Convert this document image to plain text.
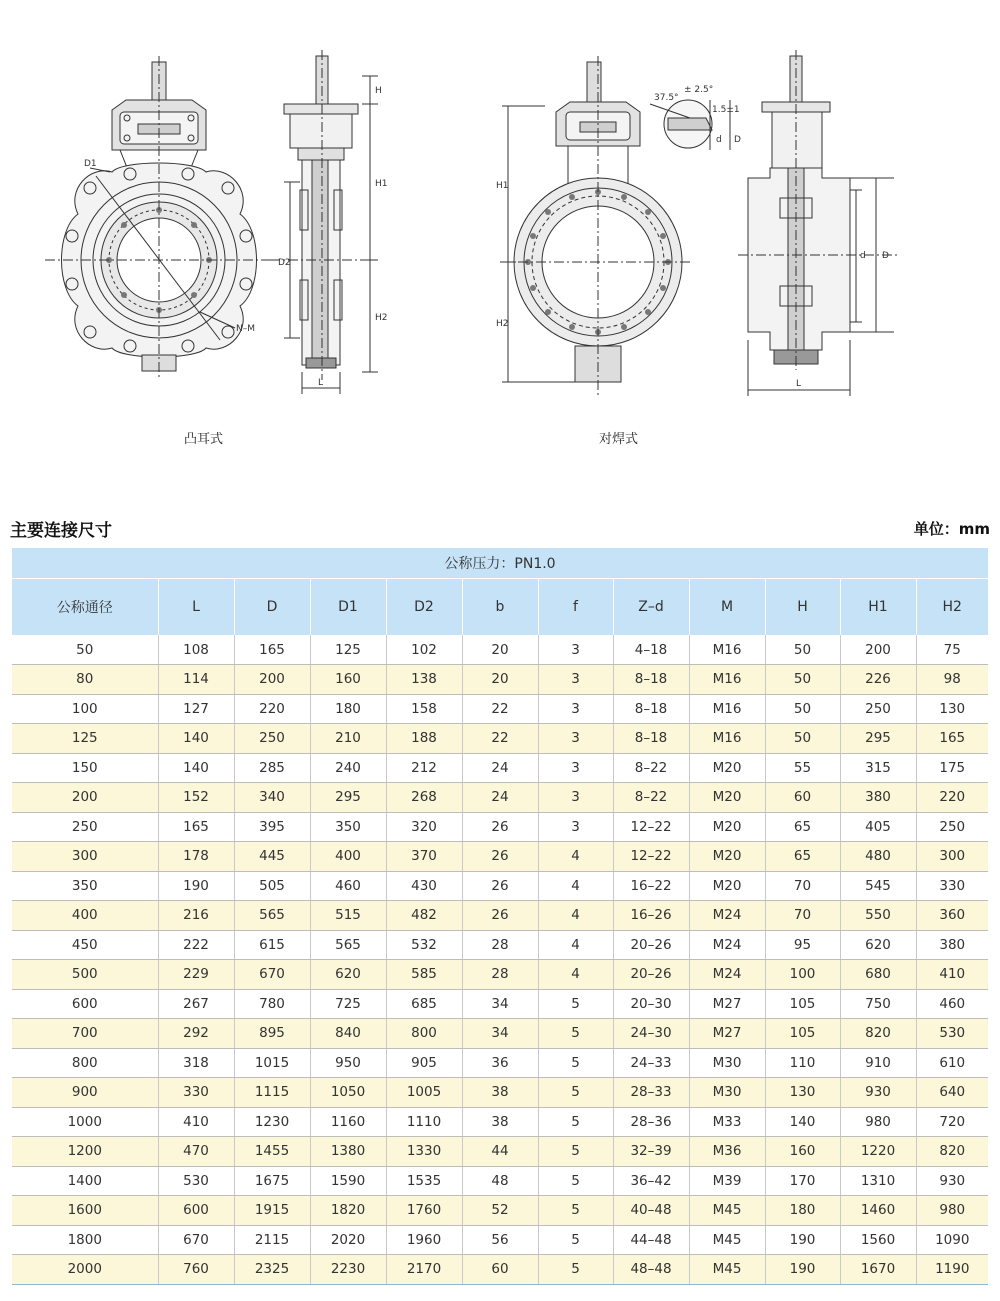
D1
N–M
H
H1
H2
D2
L
H1
H2
37.5°
± 2.5°
1.5±1
d D
d D
L
凸耳式	对焊式
主要连接尺寸	单位：mm
公称压力：PN1.0											
公称通径	L	D	D1	D2	b	f	Z–d	M	H	H1	H2
50	108	165	125	102	20	3	4–18	M16	50	200	75
80	114	200	160	138	20	3	8–18	M16	50	226	98
100	127	220	180	158	22	3	8–18	M16	50	250	130
125	140	250	210	188	22	3	8–18	M16	50	295	165
150	140	285	240	212	24	3	8–22	M20	55	315	175
200	152	340	295	268	24	3	8–22	M20	60	380	220
250	165	395	350	320	26	3	12–22	M20	65	405	250
300	178	445	400	370	26	4	12–22	M20	65	480	300
350	190	505	460	430	26	4	16–22	M20	70	545	330
400	216	565	515	482	26	4	16–26	M24	70	550	360
450	222	615	565	532	28	4	20–26	M24	95	620	380
500	229	670	620	585	28	4	20–26	M24	100	680	410
600	267	780	725	685	34	5	20–30	M27	105	750	460
700	292	895	840	800	34	5	24–30	M27	105	820	530
800	318	1015	950	905	36	5	24–33	M30	110	910	610
900	330	1115	1050	1005	38	5	28–33	M30	130	930	640
1000	410	1230	1160	1110	38	5	28–36	M33	140	980	720
1200	470	1455	1380	1330	44	5	32–39	M36	160	1220	820
1400	530	1675	1590	1535	48	5	36–42	M39	170	1310	930
1600	600	1915	1820	1760	52	5	40–48	M45	180	1460	980
1800	670	2115	2020	1960	56	5	44–48	M45	190	1560	1090
2000	760	2325	2230	2170	60	5	48–48	M45	190	1670	1190
